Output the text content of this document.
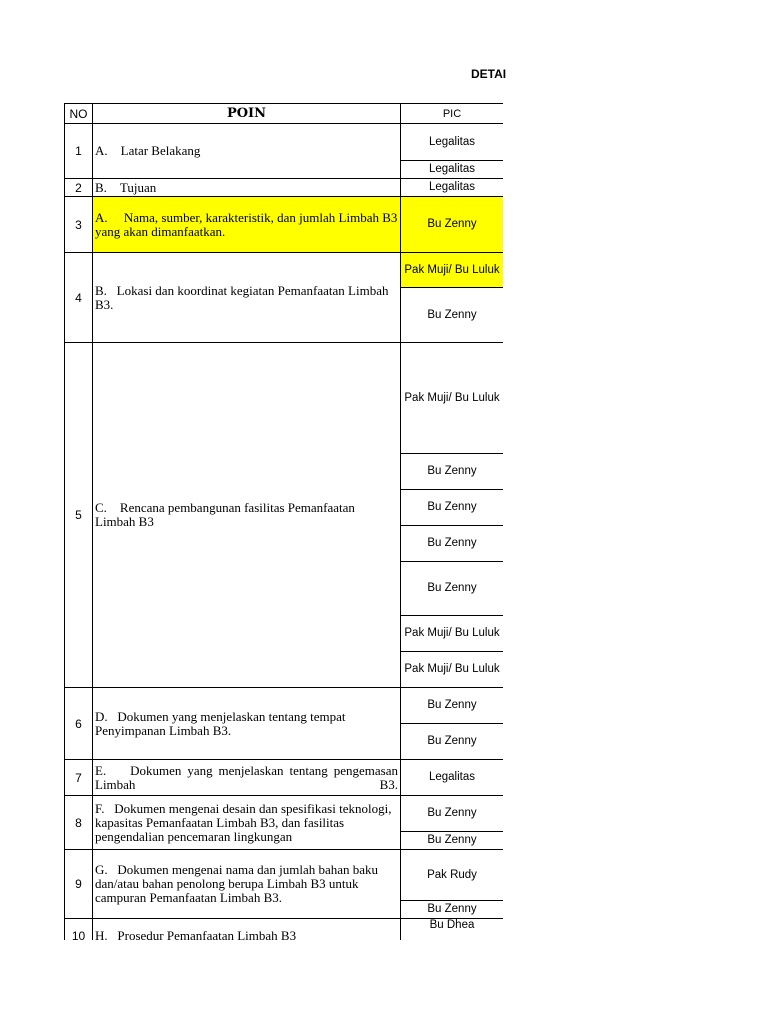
DETAI
NO	POIN	PIC
1	A.    Latar Belakang	Legalitas
		Legalitas
2	B.    Tujuan	Legalitas
3	A.     Nama, sumber, karakteristik, dan jumlah Limbah B3 yang akan dimanfaatkan.	Bu Zenny
4	B.   Lokasi dan koordinat kegiatan Pemanfaatan Limbah B3.	Pak Muji/ Bu Luluk
		Bu Zenny
5	C.    Rencana pembangunan fasilitas Pemanfaatan Limbah B3	Pak Muji/ Bu Luluk
		Bu Zenny
		Bu Zenny
		Bu Zenny
		Bu Zenny
		Pak Muji/ Bu Luluk
		Pak Muji/ Bu Luluk
6	D.   Dokumen yang menjelaskan tentang tempat Penyimpanan Limbah B3.	Bu Zenny
		Bu Zenny
7	E.    Dokumen yang menjelaskan tentang pengemasan Limbah B3.	Legalitas
8	F.   Dokumen mengenai desain dan spesifikasi teknologi, kapasitas Pemanfaatan Limbah B3, dan fasilitas pengendalian pencemaran lingkungan	Bu Zenny
		Bu Zenny
9	G.   Dokumen mengenai nama dan jumlah bahan baku dan/atau bahan penolong berupa Limbah B3 untuk campuran Pemanfaatan Limbah B3.	Pak Rudy
		Bu Zenny
10	H.   Prosedur Pemanfaatan Limbah B3	Bu Dhea
